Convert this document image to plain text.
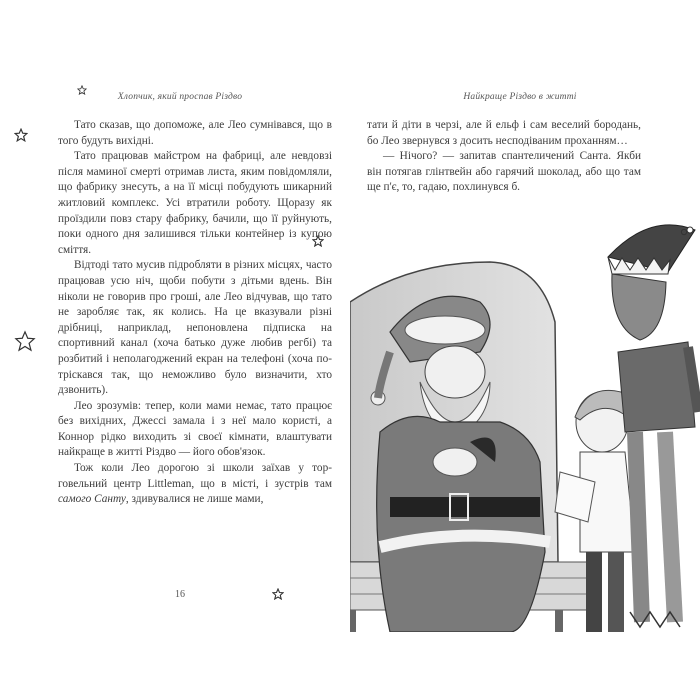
Хлопчик, який проспав Різдво

Тато сказав, що допоможе, але Лео сумнівався, що в того будуть вихідні.

Тато працював майстром на фабриці, але невдовзі після маминої смерті отримав листа, яким повідомляли, що фабрику знесуть, а на її місці побудують шикарний житловий комплекс. Усі втратили роботу. Щоразу як проїздили повз стару фабрику, бачили, що її руйнують, поки одного дня залишився тільки контейнер із купою сміття.

Відтоді тато мусив підробляти в різних місцях, часто працював усю ніч, щоби побути з дітьми вдень. Він ніколи не говорив про гроші, але Лео відчував, що тато не заробляє так, як колись. На це вказували різні дрібниці, наприклад, непоновлена підписка на спортивний канал (хоча батько дуже любив регбі) та розбитий і неполагоджений екран на телефоні (хоча потріскався так, що неможливо було визначити, хто дзвонить).

Лео зрозумів: тепер, коли мами немає, тато працює без вихідних, Джессі замала і з неї мало користі, а Коннор рідко виходить зі своєї кімнати, влаштувати найкраще в житті Різдво — його обов'язок.

Тож коли Лео дорогою зі школи заїхав у торговельний центр Littleman, що в місті, і зустрів там самого Санту, здивувалися не лише мами,

16
Найкраще Різдво в житті

тати й діти в черзі, але й ельф і сам веселий бородань, бо Лео звернувся з досить несподіваним проханням…

— Нічого? — запитав спантеличений Санта. Якби він потягав глінтвейн або гарячий шоколад, або що там ще п'є, то, гадаю, похлинувся б.
